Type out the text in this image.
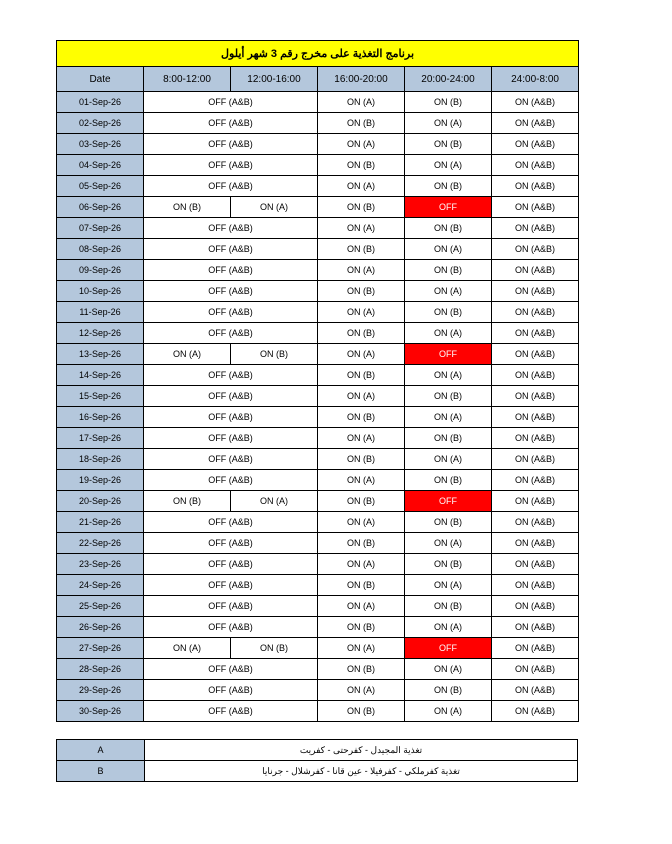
برنامج التغذية على مخرج رقم 3 شهر أيلول					
Date	8:00-12:00	12:00-16:00	16:00-20:00	20:00-24:00	24:00-8:00
01-Sep-26	OFF (A&B)		ON (A)	ON (B)	ON (A&B)
02-Sep-26	OFF (A&B)		ON (B)	ON (A)	ON (A&B)
03-Sep-26	OFF (A&B)		ON (A)	ON (B)	ON (A&B)
04-Sep-26	OFF (A&B)		ON (B)	ON (A)	ON (A&B)
05-Sep-26	OFF (A&B)		ON (A)	ON (B)	ON (A&B)
06-Sep-26	ON (B)	ON (A)	ON (B)	OFF	ON (A&B)
07-Sep-26	OFF (A&B)		ON (A)	ON (B)	ON (A&B)
08-Sep-26	OFF (A&B)		ON (B)	ON (A)	ON (A&B)
09-Sep-26	OFF (A&B)		ON (A)	ON (B)	ON (A&B)
10-Sep-26	OFF (A&B)		ON (B)	ON (A)	ON (A&B)
11-Sep-26	OFF (A&B)		ON (A)	ON (B)	ON (A&B)
12-Sep-26	OFF (A&B)		ON (B)	ON (A)	ON (A&B)
13-Sep-26	ON (A)	ON (B)	ON (A)	OFF	ON (A&B)
14-Sep-26	OFF (A&B)		ON (B)	ON (A)	ON (A&B)
15-Sep-26	OFF (A&B)		ON (A)	ON (B)	ON (A&B)
16-Sep-26	OFF (A&B)		ON (B)	ON (A)	ON (A&B)
17-Sep-26	OFF (A&B)		ON (A)	ON (B)	ON (A&B)
18-Sep-26	OFF (A&B)		ON (B)	ON (A)	ON (A&B)
19-Sep-26	OFF (A&B)		ON (A)	ON (B)	ON (A&B)
20-Sep-26	ON (B)	ON (A)	ON (B)	OFF	ON (A&B)
21-Sep-26	OFF (A&B)		ON (A)	ON (B)	ON (A&B)
22-Sep-26	OFF (A&B)		ON (B)	ON (A)	ON (A&B)
23-Sep-26	OFF (A&B)		ON (A)	ON (B)	ON (A&B)
24-Sep-26	OFF (A&B)		ON (B)	ON (A)	ON (A&B)
25-Sep-26	OFF (A&B)		ON (A)	ON (B)	ON (A&B)
26-Sep-26	OFF (A&B)		ON (B)	ON (A)	ON (A&B)
27-Sep-26	ON (A)	ON (B)	ON (A)	OFF	ON (A&B)
28-Sep-26	OFF (A&B)		ON (B)	ON (A)	ON (A&B)
29-Sep-26	OFF (A&B)		ON (A)	ON (B)	ON (A&B)
30-Sep-26	OFF (A&B)		ON (B)	ON (A)	ON (A&B)
A	تغذية المجيدل - كفرحتى - كفريت
B	تغذية كفرملكي - كفرفيلا - عين قانا - كفرشلال - جرنايا
